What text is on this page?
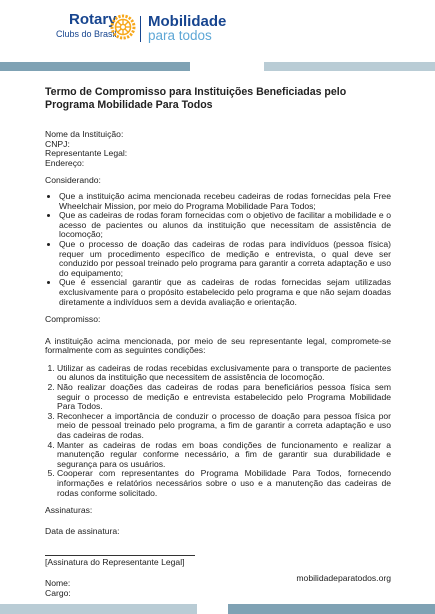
Rotary
Clubs do Brasil
Mobilidade
para todos
Termo de Compromisso para Instituições Beneficiadas pelo Programa Mobilidade Para Todos
Nome da Instituição:
CNPJ:
Representante Legal:
Endereço:
Considerando:
• Que a instituição acima mencionada recebeu cadeiras de rodas fornecidas pela Free Wheelchair Mission, por meio do Programa Mobilidade Para Todos;
• Que as cadeiras de rodas foram fornecidas com o objetivo de facilitar a mobilidade e o acesso de pacientes ou alunos da instituição que necessitam de assistência de locomoção;
• Que o processo de doação das cadeiras de rodas para indivíduos (pessoa física) requer um procedimento específico de medição e entrevista, o qual deve ser conduzido por pessoal treinado pelo programa para garantir a correta adaptação e uso do equipamento;
• Que é essencial garantir que as cadeiras de rodas fornecidas sejam utilizadas exclusivamente para o propósito estabelecido pelo programa e que não sejam doadas diretamente a indivíduos sem a devida avaliação e orientação.
Compromisso:

A instituição acima mencionada, por meio de seu representante legal, compromete-se formalmente com as seguintes condições:

1. Utilizar as cadeiras de rodas recebidas exclusivamente para o transporte de pacientes ou alunos da instituição que necessitem de assistência de locomoção.
2. Não realizar doações das cadeiras de rodas para beneficiários pessoa física sem seguir o processo de medição e entrevista estabelecido pelo Programa Mobilidade Para Todos.
3. Reconhecer a importância de conduzir o processo de doação para pessoa física por meio de pessoal treinado pelo programa, a fim de garantir a correta adaptação e uso das cadeiras de rodas.
4. Manter as cadeiras de rodas em boas condições de funcionamento e realizar a manutenção regular conforme necessário, a fim de garantir sua durabilidade e segurança para os usuários.
5. Cooperar com representantes do Programa Mobilidade Para Todos, fornecendo informações e relatórios necessários sobre o uso e a manutenção das cadeiras de rodas conforme solicitado.
Assinaturas:
Data de assinatura:
[Assinatura do Representante Legal]
Nome:
Cargo:
mobilidadeparatodos.org
